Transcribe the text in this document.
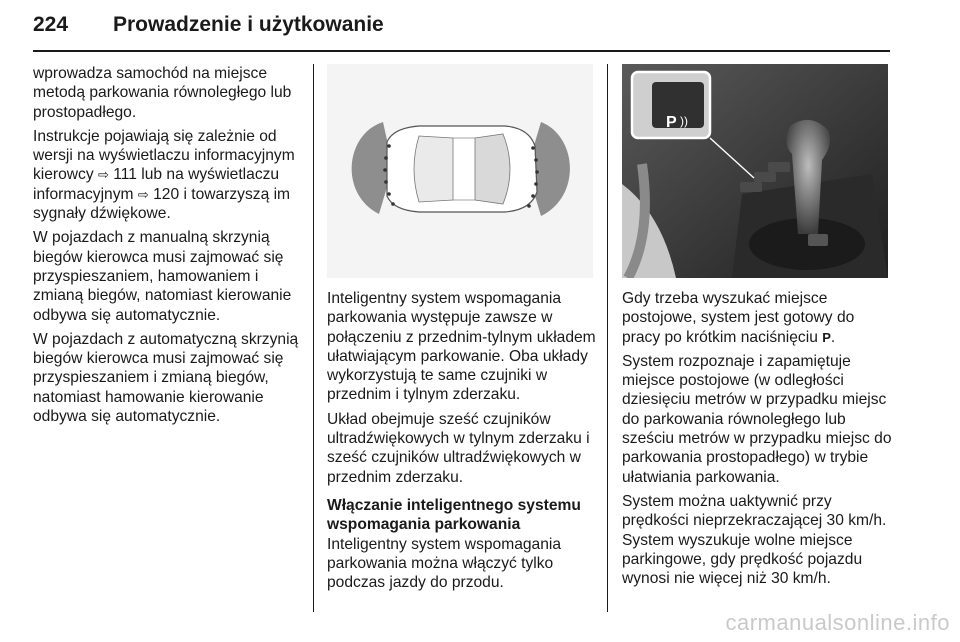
224 Prowadzenie i użytkowanie

wprowadza samochód na miejsce metodą parkowania równoległego lub prostopadłego.

Instrukcje pojawiają się zależnie od wersji na wyświetlaczu informacyjnym kierowcy ⇨ 111 lub na wyświetlaczu informacyjnym ⇨ 120 i towarzyszą im sygnały dźwiękowe.

W pojazdach z manualną skrzynią biegów kierowca musi zajmować się przyspieszaniem, hamowaniem i zmianą biegów, natomiast kierowanie odbywa się automatycznie.

W pojazdach z automatyczną skrzynią biegów kierowca musi zajmować się przyspieszaniem i zmianą biegów, natomiast hamowanie kierowanie odbywa się automatycznie.

P ))

Inteligentny system wspomagania parkowania występuje zawsze w połączeniu z przednim-tylnym układem ułatwiającym parkowanie. Oba układy wykorzystują te same czujniki w przednim i tylnym zderzaku.

Układ obejmuje sześć czujników ultradźwiękowych w tylnym zderzaku i sześć czujników ultradźwiękowych w przednim zderzaku.

Włączanie inteligentnego systemu wspomagania parkowania

Inteligentny system wspomagania parkowania można włączyć tylko podczas jazdy do przodu.

Gdy trzeba wyszukać miejsce postojowe, system jest gotowy do pracy po krótkim naciśnięciu P.

System rozpoznaje i zapamiętuje miejsce postojowe (w odległości dziesięciu metrów w przypadku miejsc do parkowania równoległego lub sześciu metrów w przypadku miejsc do parkowania prostopadłego) w trybie ułatwiania parkowania.

System można uaktywnić przy prędkości nieprzekraczającej 30 km/h. System wyszukuje wolne miejsce parkingowe, gdy prędkość pojazdu wynosi nie więcej niż 30 km/h.

carmanualsonline.info
